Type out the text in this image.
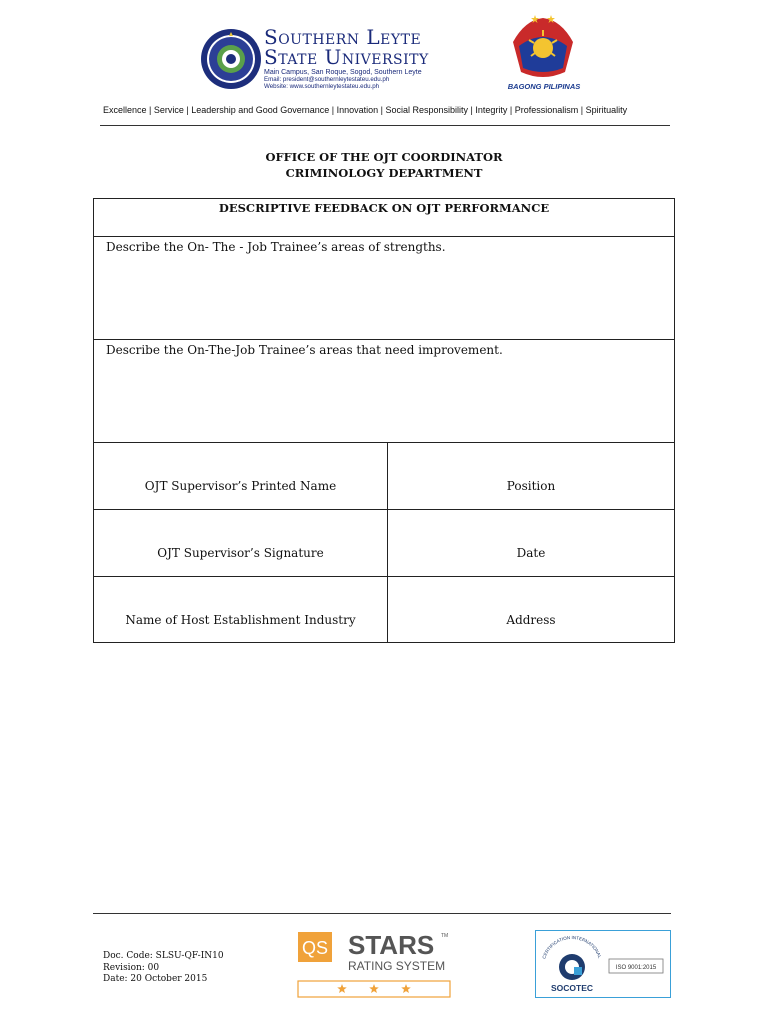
Southern Leyte
State University
Main Campus, San Roque, Sogod, Southern Leyte
Email: president@southernleytestateu.edu.ph
Website: www.southernleytestateu.edu.ph	BAGONG PILIPINAS
Excellence | Service | Leadership and Good Governance | Innovation | Social Responsibility | Integrity | Professionalism | Spirituality
OFFICE OF THE OJT COORDINATOR
CRIMINOLOGY DEPARTMENT
DESCRIPTIVE FEEDBACK ON OJT PERFORMANCE
Describe the On- The - Job Trainee’s areas of strengths.
Describe the On-The-Job Trainee’s areas that need improvement.
OJT Supervisor’s Printed Name	Position
OJT Supervisor’s Signature	Date
Name of Host Establishment Industry	Address
Doc. Code: SLSU-QF-IN10
Revision: 00
Date: 20 October 2015
QS STARS TM
RATING SYSTEM
CERTIFICATION INTERNATIONAL
SOCOTEC
ISO 9001:2015
